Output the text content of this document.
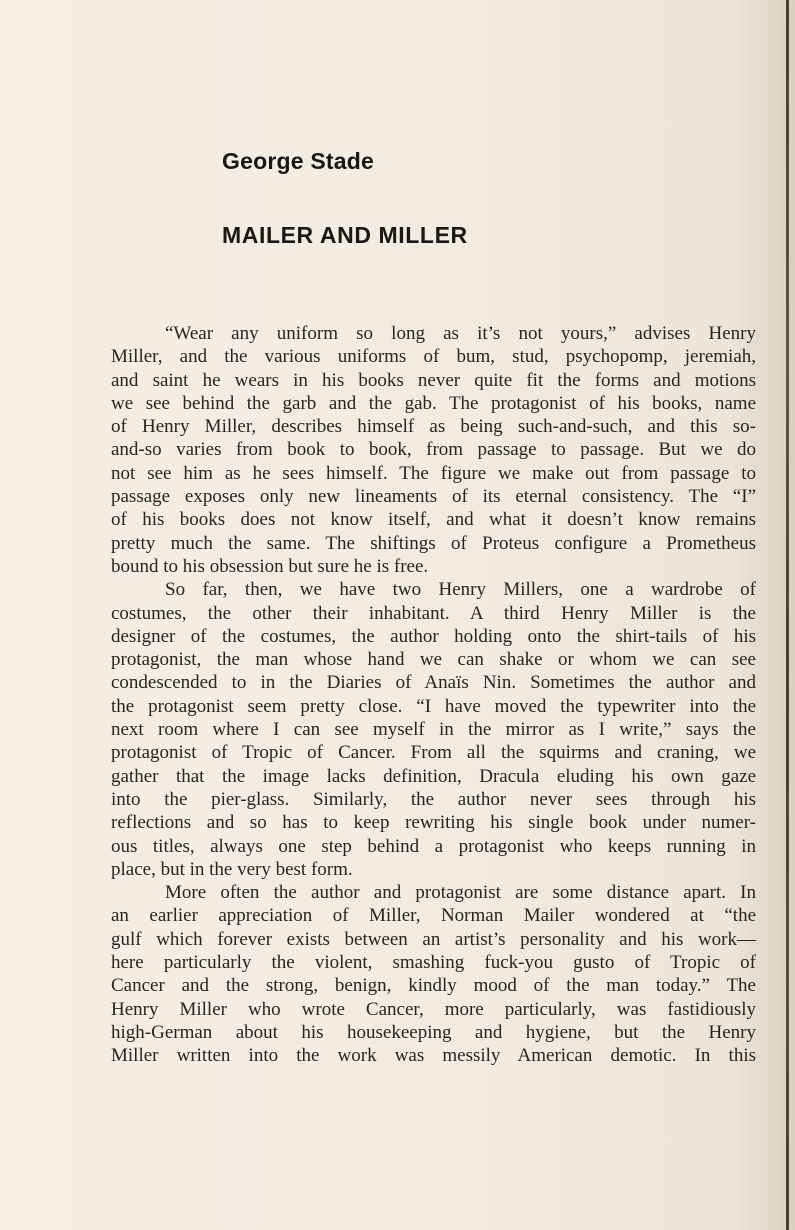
George Stade
MAILER AND MILLER
“Wear any uniform so long as it’s not yours,” advises Henry
Miller, and the various uniforms of bum, stud, psychopomp, jeremiah,
and saint he wears in his books never quite fit the forms and motions
we see behind the garb and the gab. The protagonist of his books, name
of Henry Miller, describes himself as being such-and-such, and this so-
and-so varies from book to book, from passage to passage. But we do
not see him as he sees himself. The figure we make out from passage to
passage exposes only new lineaments of its eternal consistency. The “I”
of his books does not know itself, and what it doesn’t know remains
pretty much the same. The shiftings of Proteus configure a Prometheus
bound to his obsession but sure he is free.
So far, then, we have two Henry Millers, one a wardrobe of
costumes, the other their inhabitant. A third Henry Miller is the
designer of the costumes, the author holding onto the shirt-tails of his
protagonist, the man whose hand we can shake or whom we can see
condescended to in the Diaries of Anaïs Nin. Sometimes the author and
the protagonist seem pretty close. “I have moved the typewriter into the
next room where I can see myself in the mirror as I write,” says the
protagonist of Tropic of Cancer. From all the squirms and craning, we
gather that the image lacks definition, Dracula eluding his own gaze
into the pier-glass. Similarly, the author never sees through his
reflections and so has to keep rewriting his single book under numer-
ous titles, always one step behind a protagonist who keeps running in
place, but in the very best form.
More often the author and protagonist are some distance apart. In
an earlier appreciation of Miller, Norman Mailer wondered at “the
gulf which forever exists between an artist’s personality and his work—
here particularly the violent, smashing fuck-you gusto of Tropic of
Cancer and the strong, benign, kindly mood of the man today.” The
Henry Miller who wrote Cancer, more particularly, was fastidiously
high-German about his housekeeping and hygiene, but the Henry
Miller written into the work was messily American demotic. In this
